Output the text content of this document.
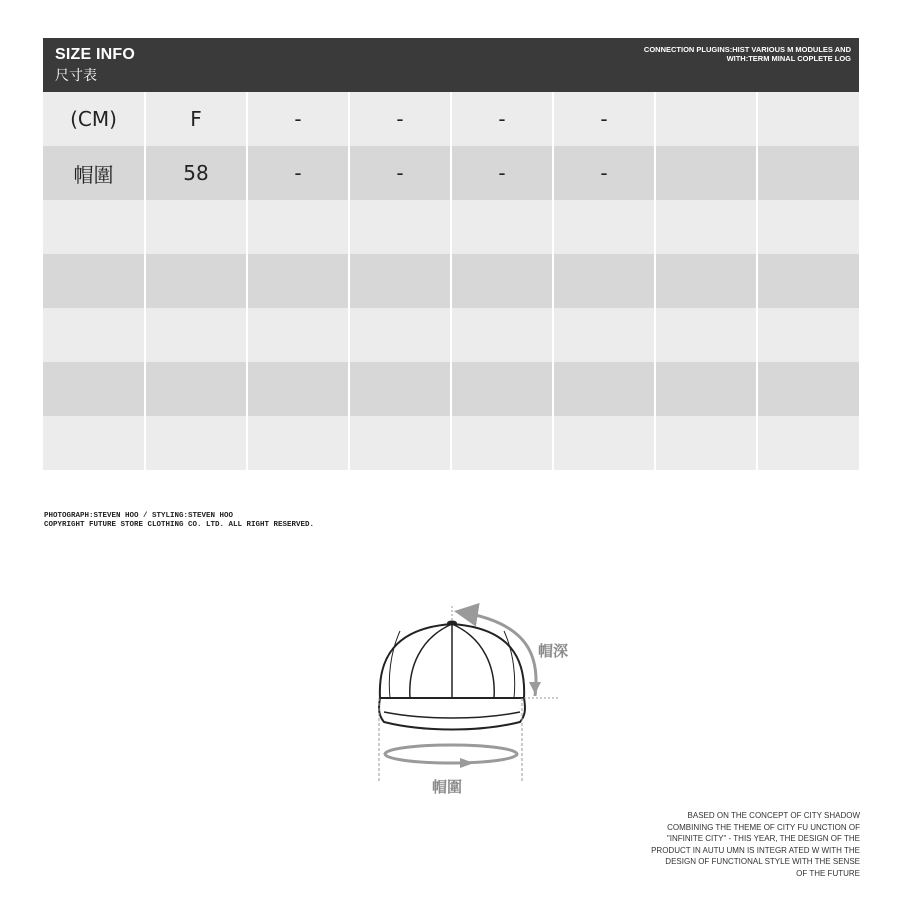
SIZE INFO
尺寸表
CONNECTION PLUGINS:HIST VARIOUS M MODULES AND
WITH:TERM MINAL COPLETE LOG
(CM)	F	-	-	-	-		
帽圍	58	-	-	-	-		

PHOTOGRAPH:STEVEN HOO / STYLING:STEVEN HOO
COPYRIGHT FUTURE STORE CLOTHING CO. LTD. ALL RIGHT RESERVED.
帽深
帽圍
BASED ON THE CONCEPT OF CITY SHADOW
COMBINING THE THEME OF CITY FU UNCTION OF
"INFINITE CITY" - THIS YEAR, THE DESIGN OF THE
PRODUCT IN AUTU UMN IS INTEGR ATED W WITH THE
DESIGN OF FUNCTIONAL STYLE WITH THE SENSE
OF THE FUTURE
